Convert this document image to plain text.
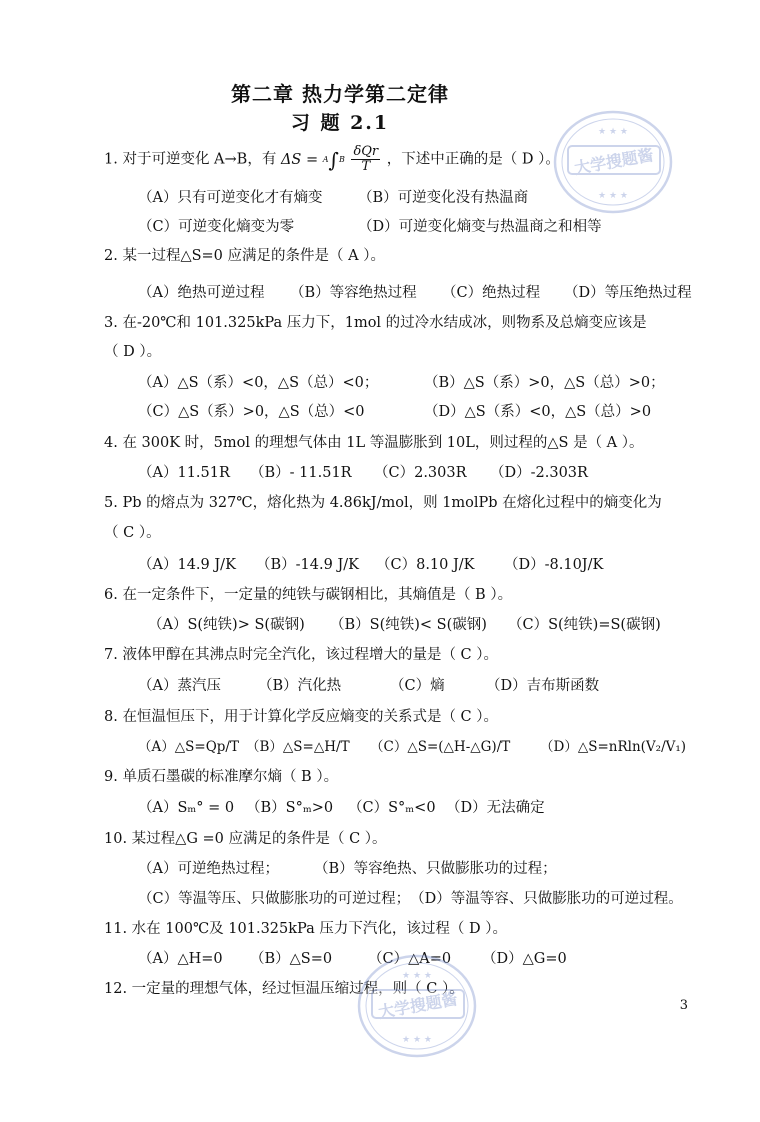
第二章 热力学第二定律
习 题 2.1
1. 对于可逆变化 A→B，有 $\Delta S = A\int B \frac{\text{δQr}}{T}$ ，下述中正确的是（ D ）。
（A）只有可逆变化才有熵变 （B）可逆变化没有热温商
（C）可逆变化熵变为零	（D）可逆变化熵变与热温商之和相等
2. 某一过程△S=0 应满足的条件是（ A ）。
（A）绝热可逆过程 （B）等容绝热过程 （C）绝热过程 （D）等压绝热过程
3. 在-20℃和 101.325kPa 压力下，1mol 的过冷水结成冰，则物系及总熵变应该是
（ D ）。
（A）△S（系）<0，△S（总）<0；	（B）△S（系）>0，△S（总）>0；
（C）△S（系）>0，△S（总）<0	（D）△S（系）<0，△S（总）>0
4. 在 300K 时，5mol 的理想气体由 1L 等温膨胀到 10L，则过程的△S 是（ A ）。
（A）11.51R （B）- 11.51R （C）2.303R （D）-2.303R
5. Pb 的熔点为 327℃，熔化热为 4.86kJ/mol，则 1molPb 在熔化过程中的熵变化为
（ C ）。
（A）14.9 J/K （B）-14.9 J/K （C）8.10 J/K （D）-8.10J/K
6. 在一定条件下，一定量的纯铁与碳钢相比，其熵值是（ B ）。
（A）S(纯铁)> S(碳钢) （B）S(纯铁)< S(碳钢) （C）S(纯铁)=S(碳钢)
7. 液体甲醇在其沸点时完全汽化，该过程增大的量是（ C ）。
（A）蒸汽压	（B）汽化热	（C）熵	（D）吉布斯函数
8. 在恒温恒压下，用于计算化学反应熵变的关系式是（ C ）。
（A）△S=Qp/T （B）△S=△H/T （C）△S=(△H-△G)/T （D）△S=nRln(V₂/V₁)
9. 单质石墨碳的标准摩尔熵（ B ）。
（A）Sₘ° = 0 （B）S°ₘ>0 （C）S°ₘ<0 （D）无法确定
10. 某过程△G =0 应满足的条件是（ C ）。
（A）可逆绝热过程； （B）等容绝热、只做膨胀功的过程；
（C）等温等压、只做膨胀功的可逆过程；（D）等温等容、只做膨胀功的可逆过程。
11. 水在 100℃及 101.325kPa 压力下汽化，该过程（ D ）。
（A）△H=0 （B）△S=0 （C）△A=0 （D）△G=0
12. 一定量的理想气体，经过恒温压缩过程，则（ C ）。
3
大学搜题酱
★ ★ ★
★ ★ ★
大学搜题酱
★ ★ ★
★ ★ ★
